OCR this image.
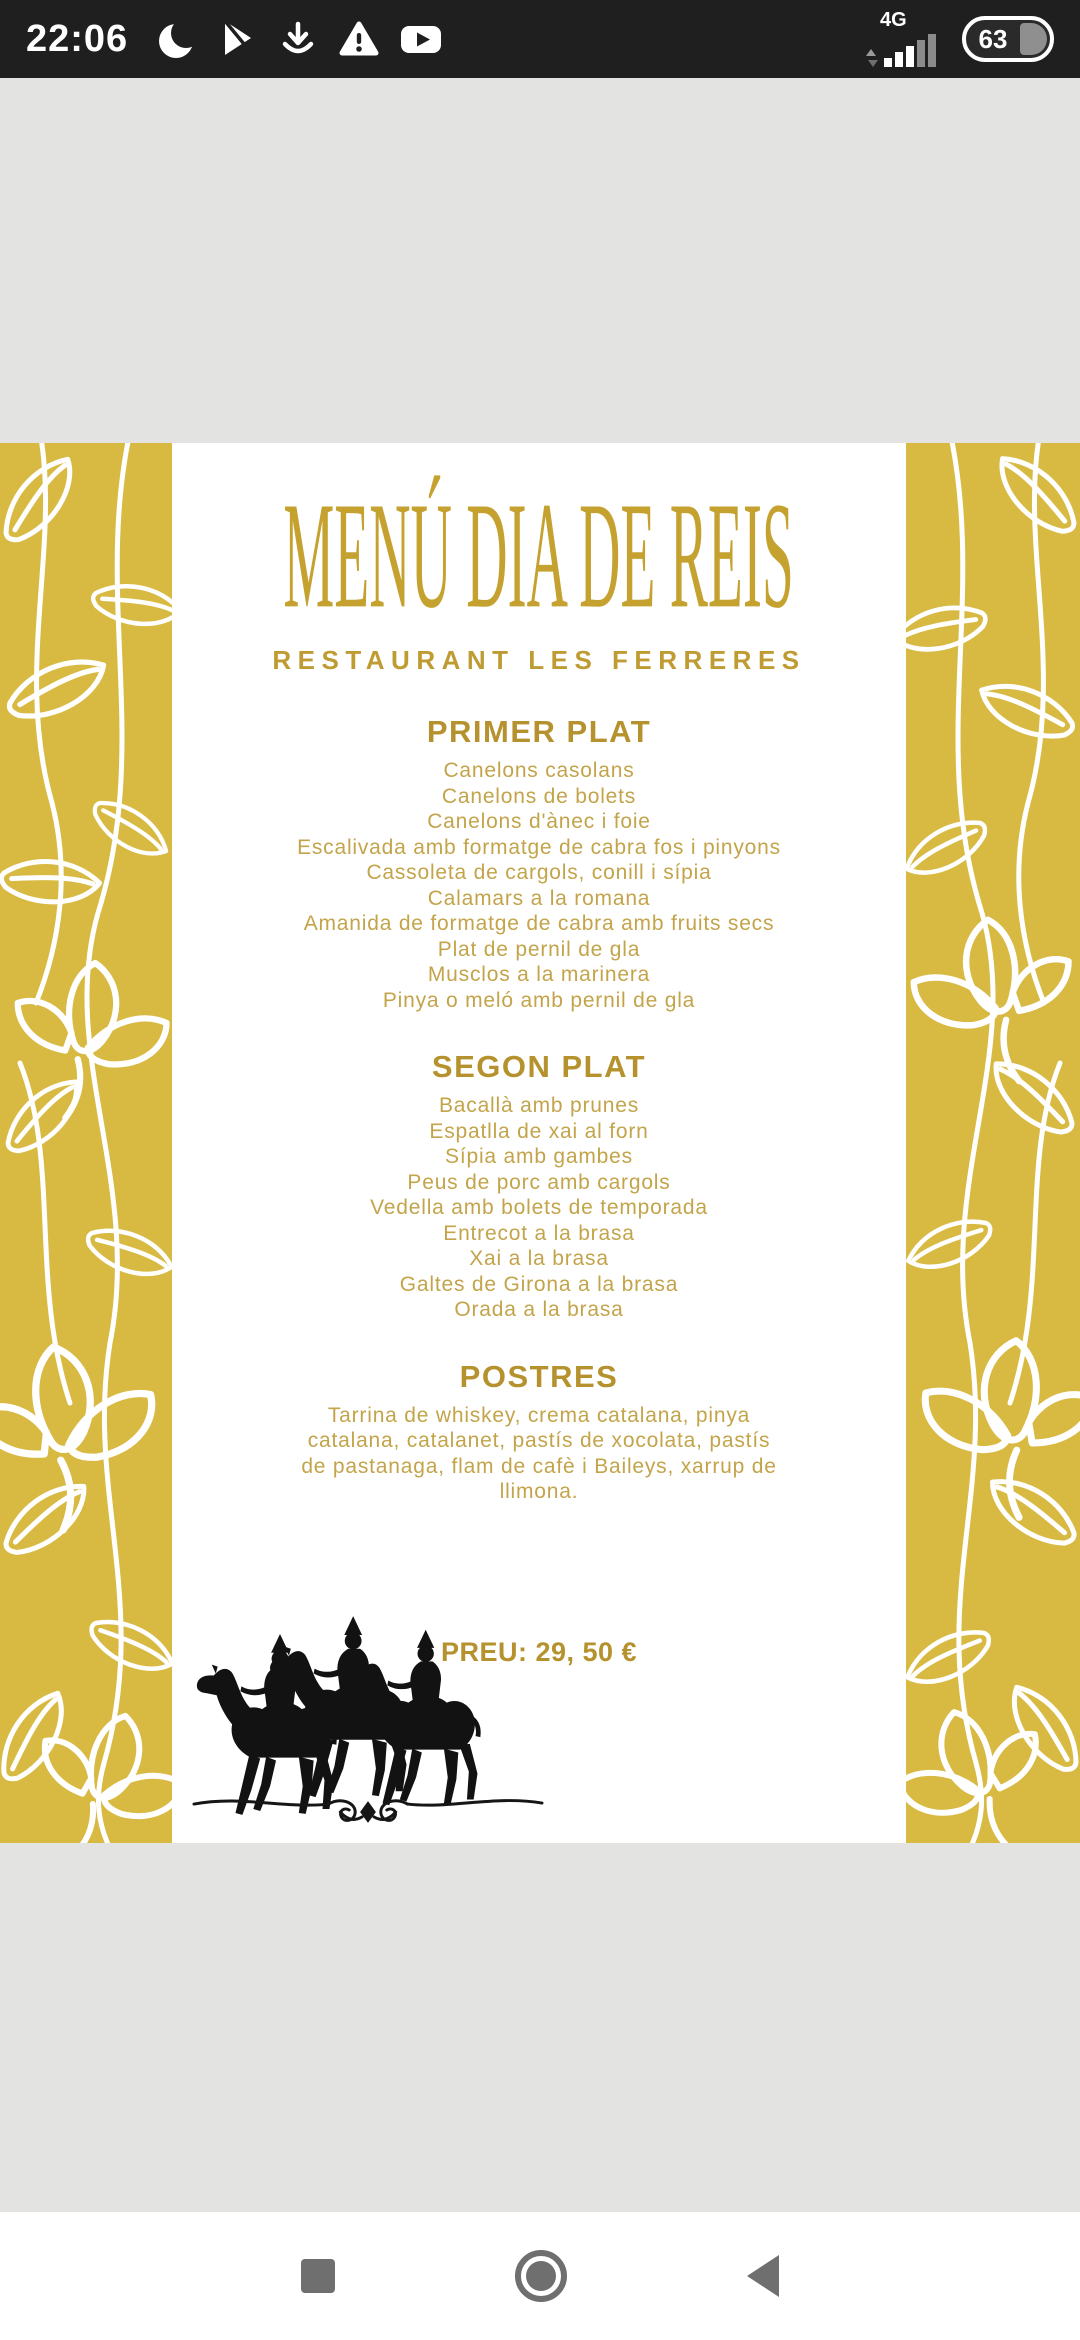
22:06	4G
63
MENÚ DIA DE REIS
RESTAURANT LES FERRERES
PRIMER PLAT
Canelons casolans
Canelons de bolets
Canelons d'ànec i foie
Escalivada amb formatge de cabra fos i pinyons
Cassoleta de cargols, conill i sípia
Calamars a la romana
Amanida de formatge de cabra amb fruits secs
Plat de pernil de gla
Musclos a la marinera
Pinya o meló amb pernil de gla
SEGON PLAT
Bacallà amb prunes
Espatlla de xai al forn
Sípia amb gambes
Peus de porc amb cargols
Vedella amb bolets de temporada
Entrecot a la brasa
Xai a la brasa
Galtes de Girona a la brasa
Orada a la brasa
POSTRES
Tarrina de whiskey, crema catalana, pinya catalana, catalanet, pastís de xocolata, pastís de pastanaga, flam de cafè i Baileys, xarrup de llimona.
PREU: 29, 50 €
